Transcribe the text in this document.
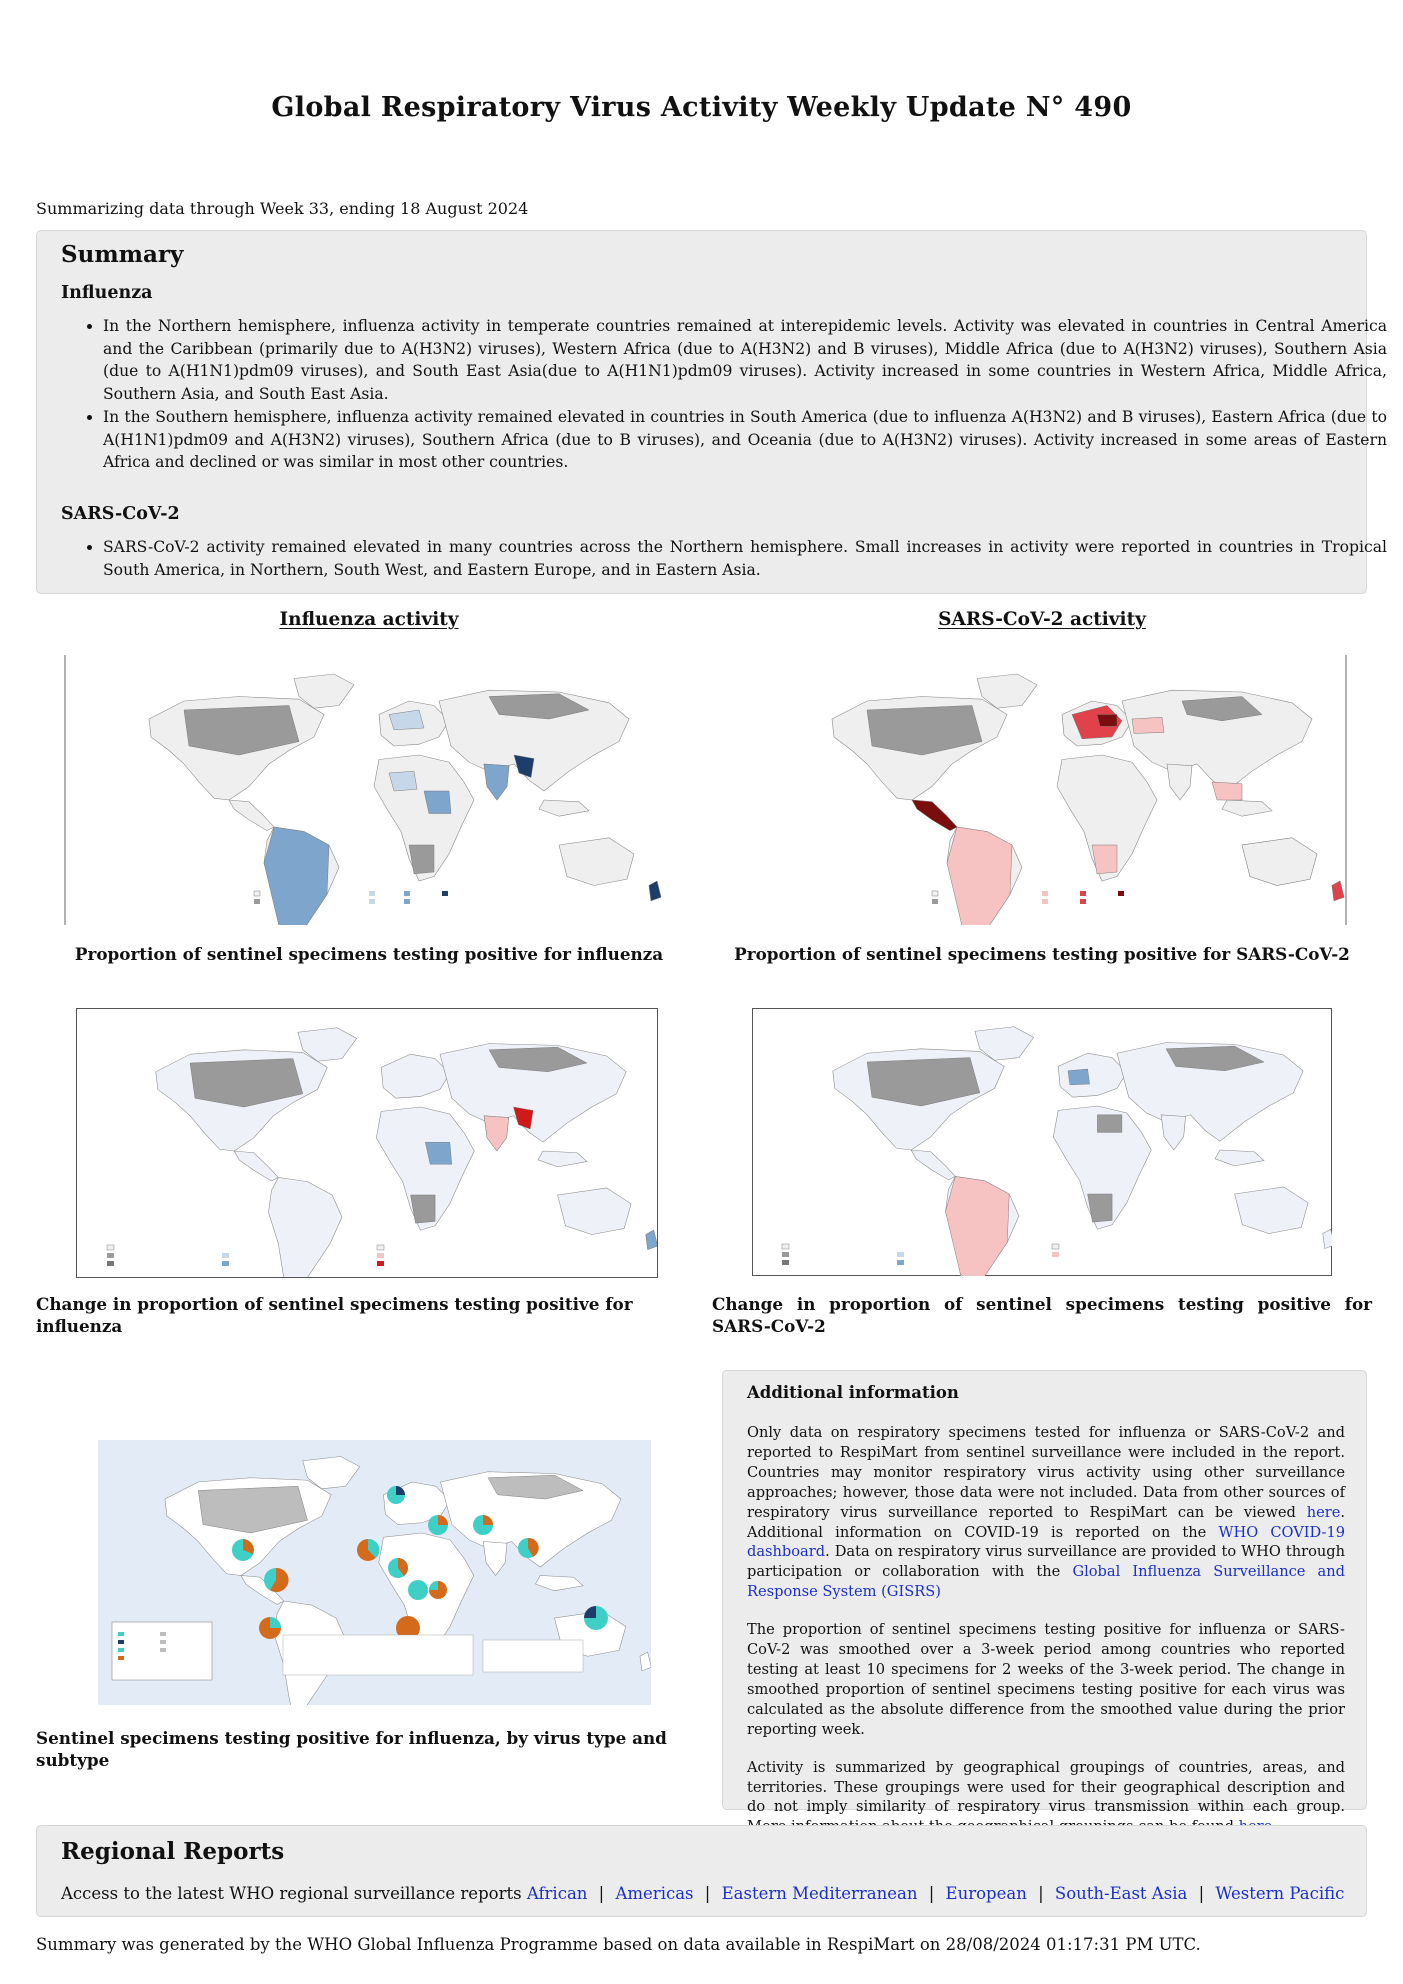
Global Respiratory Virus Activity Weekly Update N° 490
Summarizing data through Week 33, ending 18 August 2024
Summary
Influenza
• In the Northern hemisphere, influenza activity in temperate countries remained at interepidemic levels. Activity was elevated in countries in Central America and the Caribbean (primarily due to A(H3N2) viruses), Western Africa (due to A(H3N2) and B viruses), Middle Africa (due to A(H3N2) viruses), Southern Asia (due to A(H1N1)pdm09 viruses), and South East Asia(due to A(H1N1)pdm09 viruses). Activity increased in some countries in Western Africa, Middle Africa, Southern Asia, and South East Asia.
• In the Southern hemisphere, influenza activity remained elevated in countries in South America (due to influenza A(H3N2) and B viruses), Eastern Africa (due to A(H1N1)pdm09 and A(H3N2) viruses), Southern Africa (due to B viruses), and Oceania (due to A(H3N2) viruses). Activity increased in some areas of Eastern Africa and declined or was similar in most other countries.
SARS-CoV-2
• SARS-CoV-2 activity remained elevated in many countries across the Northern hemisphere. Small increases in activity were reported in countries in Tropical South America, in Northern, South West, and Eastern Europe, and in Eastern Asia.
Influenza activity	SARS-CoV-2 activity
Proportion of sentinel specimens testing positive for influenza	Proportion of sentinel specimens testing positive for SARS-CoV-2
Change in proportion of sentinel specimens testing positive for influenza
Change in proportion of sentinel specimens testing positive for SARS-CoV-2
Sentinel specimens testing positive for influenza, by virus type and subtype
Additional information

Only data on respiratory specimens tested for influenza or SARS-CoV-2 and reported to RespiMart from sentinel surveillance were included in the report. Countries may monitor respiratory virus activity using other surveillance approaches; however, those data were not included. Data from other sources of respiratory virus surveillance reported to RespiMart can be viewed here. Additional information on COVID-19 is reported on the WHO COVID-19 dashboard. Data on respiratory virus surveillance are provided to WHO through participation or collaboration with the Global Influenza Surveillance and Response System (GISRS)

The proportion of sentinel specimens testing positive for influenza or SARS-CoV-2 was smoothed over a 3-week period among countries who reported testing at least 10 specimens for 2 weeks of the 3-week period. The change in smoothed proportion of sentinel specimens testing positive for each virus was calculated as the absolute difference from the smoothed value during the prior reporting week.

Activity is summarized by geographical groupings of countries, areas, and territories. These groupings were used for their geographical description and do not imply similarity of respiratory virus transmission within each group.

Regional Reports
Access to the latest WHO regional surveillance reports African | Americas | Eastern Mediterranean | European | South-East Asia | Western Pacific
Summary was generated by the WHO Global Influenza Programme based on data available in RespiMart on 28/08/2024 01:17:31 PM UTC.
